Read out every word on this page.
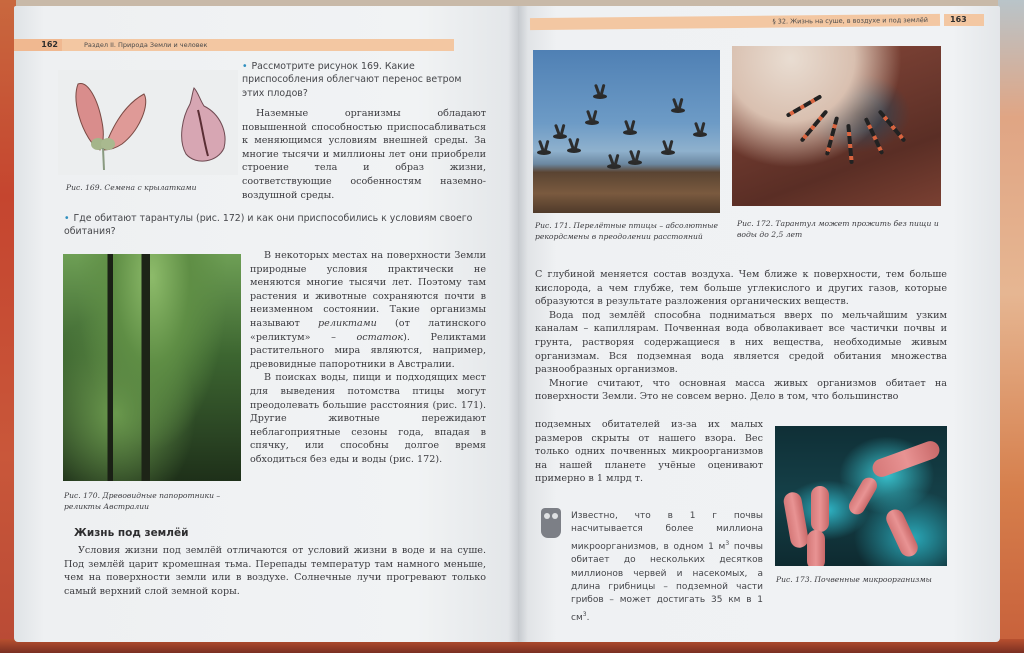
162	Раздел II. Природа Земли и человек
• Рассмотрите рисунок 169. Какие приспособления облегчают перенос ветром этих плодов?

Наземные организмы обладают повышенной способностью приспосабливаться к меняющимся условиям внешней среды. За многие тысячи и миллионы лет они приобрели строение тела и образ жизни, соответствующие особенностям наземно-воздушной среды.

Рис. 169. Семена с крылатками
• Где обитают тарантулы (рис. 172) и как они приспособились к условиям своего обитания?

В некоторых местах на поверхности Земли природные условия практически не меняются многие тысячи лет. Поэтому там растения и животные сохраняются почти в неизменном состоянии. Такие организмы называют реликтами (от латинского «реликтум» – остаток). Реликтами растительного мира являются, например, древовидные папоротники в Австралии.

В поисках воды, пищи и подходящих мест для выведения потомства птицы могут преодолевать большие расстояния (рис. 171). Другие животные пережидают неблагоприятные сезоны года, впадая в спячку, или способны долгое время обходиться без еды и воды (рис. 172).

Рис. 170. Древовидные папоротники – реликты Австралии
Жизнь под землёй

Условия жизни под землёй отличаются от условий жизни в воде и на суше. Под землёй царит кромешная тьма. Перепады температур там намного меньше, чем на поверхности земли или в воздухе. Солнечные лучи прогревают только самый верхний слой земной коры.

§ 32. Жизнь на суше, в воздухе и под землёй	163
Рис. 171. Перелётные птицы – абсолютные рекордсмены в преодолении расстояний
Рис. 172. Тарантул может прожить без пищи и воды до 2,5 лет

С глубиной меняется состав воздуха. Чем ближе к поверхности, тем больше кислорода, а чем глубже, тем больше углекислого и других газов, которые образуются в результате разложения органических веществ.

Вода под землёй способна подниматься вверх по мельчайшим узким каналам – капиллярам. Почвенная вода обволакивает все частички почвы и грунта, растворяя содержащиеся в них вещества, необходимые живым организмам. Вся подземная вода является средой обитания множества разнообразных организмов.

Многие считают, что основная масса живых организмов обитает на поверхности Земли. Это не совсем верно. Дело в том, что большинство

подземных обитателей из-за их малых размеров скрыты от нашего взора. Вес только одних почвенных микроорганизмов на нашей планете учёные оценивают примерно в 1 млрд т.

Известно, что в 1 г почвы насчитывается более миллиона микроорганизмов, в одном 1 $м^3$ почвы обитает до нескольких десятков миллионов червей и насекомых, а длина грибницы – подземной части грибов – может достигать 35 км в 1 $см^3$.
Рис. 173. Почвенные микроорганизмы
